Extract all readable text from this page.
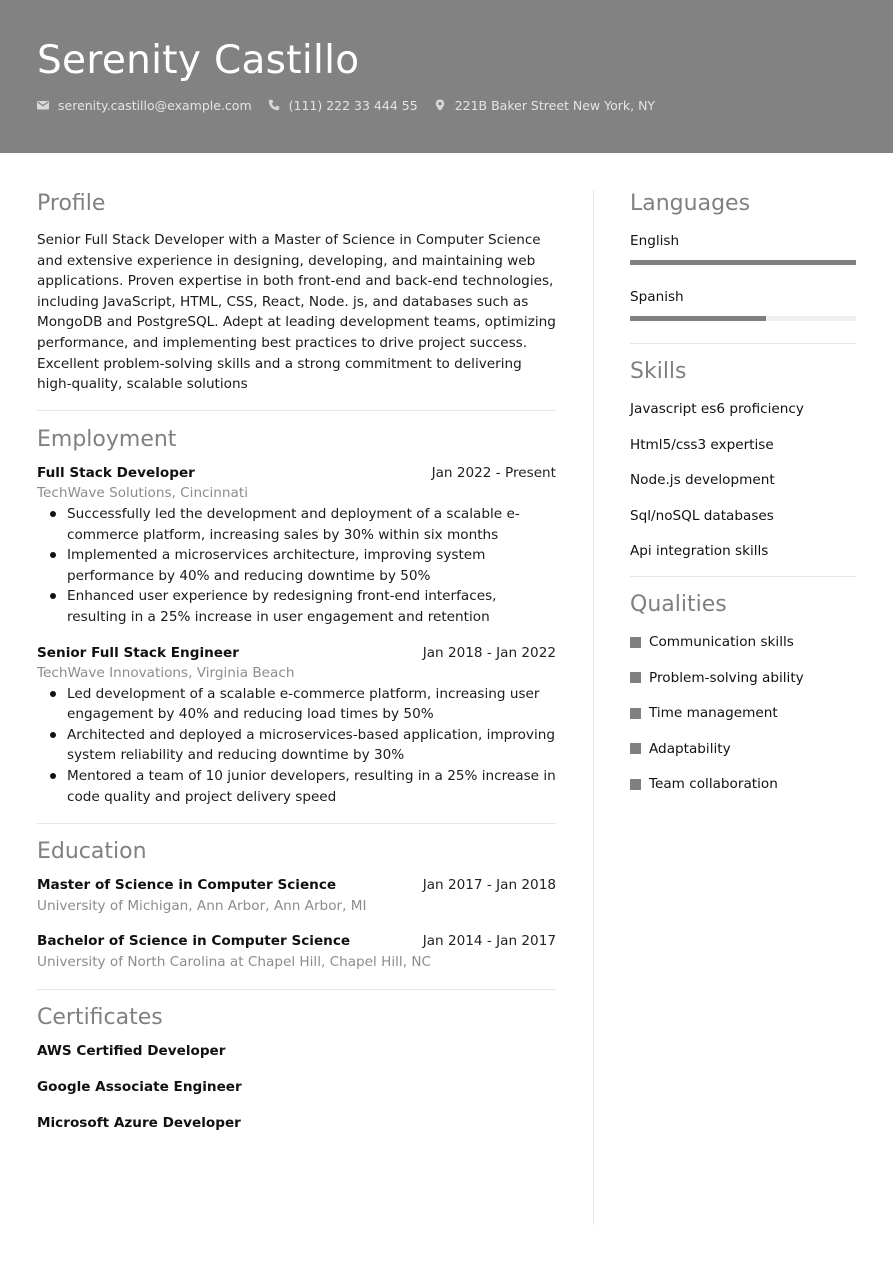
Serenity Castillo
serenity.castillo@example.com	(111) 222 33 444 55	221B Baker Street New York, NY
Profile
Senior Full Stack Developer with a Master of Science in Computer Science and extensive experience in designing, developing, and maintaining web applications. Proven expertise in both front-end and back-end technologies, including JavaScript, HTML, CSS, React, Node. js, and databases such as MongoDB and PostgreSQL. Adept at leading development teams, optimizing performance, and implementing best practices to drive project success. Excellent problem-solving skills and a strong commitment to delivering high-quality, scalable solutions
Employment
Full Stack Developer	Jan 2022 - Present
TechWave Solutions, Cincinnati
Successfully led the development and deployment of a scalable e-commerce platform, increasing sales by 30% within six months
Implemented a microservices architecture, improving system performance by 40% and reducing downtime by 50%
Enhanced user experience by redesigning front-end interfaces, resulting in a 25% increase in user engagement and retention
Senior Full Stack Engineer	Jan 2018 - Jan 2022
TechWave Innovations, Virginia Beach
Led development of a scalable e-commerce platform, increasing user engagement by 40% and reducing load times by 50%
Architected and deployed a microservices-based application, improving system reliability and reducing downtime by 30%
Mentored a team of 10 junior developers, resulting in a 25% increase in code quality and project delivery speed
Education
Master of Science in Computer Science	Jan 2017 - Jan 2018
University of Michigan, Ann Arbor, Ann Arbor, MI
Bachelor of Science in Computer Science	Jan 2014 - Jan 2017
University of North Carolina at Chapel Hill, Chapel Hill, NC
Certificates
AWS Certified Developer
Google Associate Engineer
Microsoft Azure Developer
Languages
English
Spanish
Skills
Javascript es6 proficiency
Html5/css3 expertise
Node.js development
Sql/noSQL databases
Api integration skills
Qualities
Communication skills
Problem-solving ability
Time management
Adaptability
Team collaboration
